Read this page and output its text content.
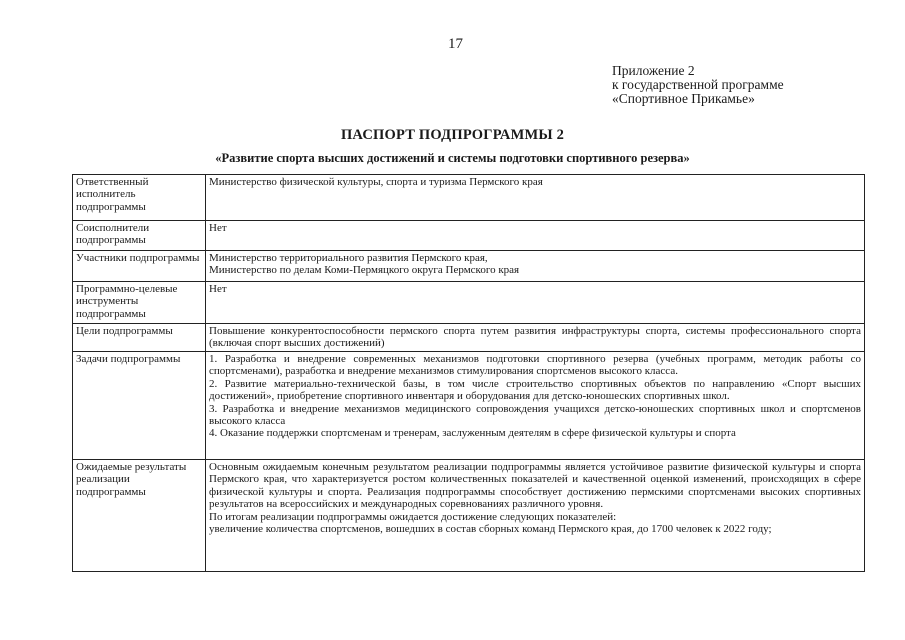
17
Приложение 2
к государственной программе
«Спортивное Прикамье»
ПАСПОРТ ПОДПРОГРАММЫ 2
«Развитие спорта высших достижений и системы подготовки спортивного резерва»
Ответственный исполнитель подпрограммы	Министерство физической культуры, спорта и туризма Пермского края

Соисполнители подпрограммы	Нет

Участники подпрограммы	Министерство территориального развития Пермского края,
Министерство по делам Коми-Пермяцкого округа Пермского края

Программно-целевые инструменты подпрограммы	Нет

Цели подпрограммы	Повышение конкурентоспособности пермского спорта путем развития инфраструктуры спорта, системы профессионального спорта (включая спорт высших достижений)

Задачи подпрограммы	1. Разработка и внедрение современных механизмов подготовки спортивного резерва (учебных программ, методик работы со спортсменами), разработка и внедрение механизмов стимулирования спортсменов высокого класса.
2. Развитие материально-технической базы, в том числе строительство спортивных объектов по направлению «Спорт высших достижений», приобретение спортивного инвентаря и оборудования для детско-юношеских спортивных школ.
3. Разработка и внедрение механизмов медицинского сопровождения учащихся детско-юношеских спортивных школ и спортсменов высокого класса
4. Оказание поддержки спортсменам и тренерам, заслуженным деятелям в сфере физической культуры и спорта

Ожидаемые результаты реализации подпрограммы	Основным ожидаемым конечным результатом реализации подпрограммы является устойчивое развитие физической культуры и спорта Пермского края, что характеризуется ростом количественных показателей и качественной оценкой изменений, происходящих в сфере физической культуры и спорта. Реализация подпрограммы способствует достижению пермскими спортсменами высоких спортивных результатов на всероссийских и международных соревнованиях различного уровня.
По итогам реализации подпрограммы ожидается достижение следующих показателей:
увеличение количества спортсменов, вошедших в состав сборных команд Пермского края, до 1700 человек к 2022 году;
